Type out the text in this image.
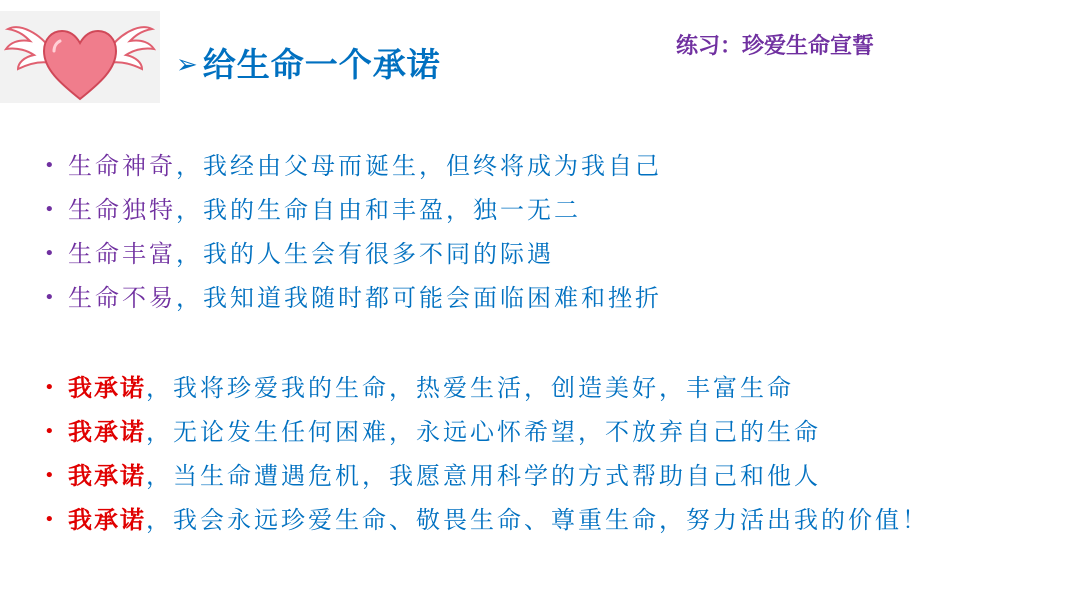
➢ 给生命一个承诺	练习：珍爱生命宣誓
• 生命神奇 ，我经由父母而诞生，但终将成为我自己
• 生命独特 ，我的生命自由和丰盈，独一无二
• 生命丰富 ，我的人生会有很多不同的际遇
• 生命不易 ，我知道我随时都可能会面临困难和挫折
• 我承诺 ，我将珍爱我的生命，热爱生活，创造美好，丰富生命
• 我承诺 ，无论发生任何困难，永远心怀希望，不放弃自己的生命
• 我承诺 ，当生命遭遇危机，我愿意用科学的方式帮助自己和他人
• 我承诺 ，我会永远珍爱生命、敬畏生命、尊重生命，努力活出我的价值！
